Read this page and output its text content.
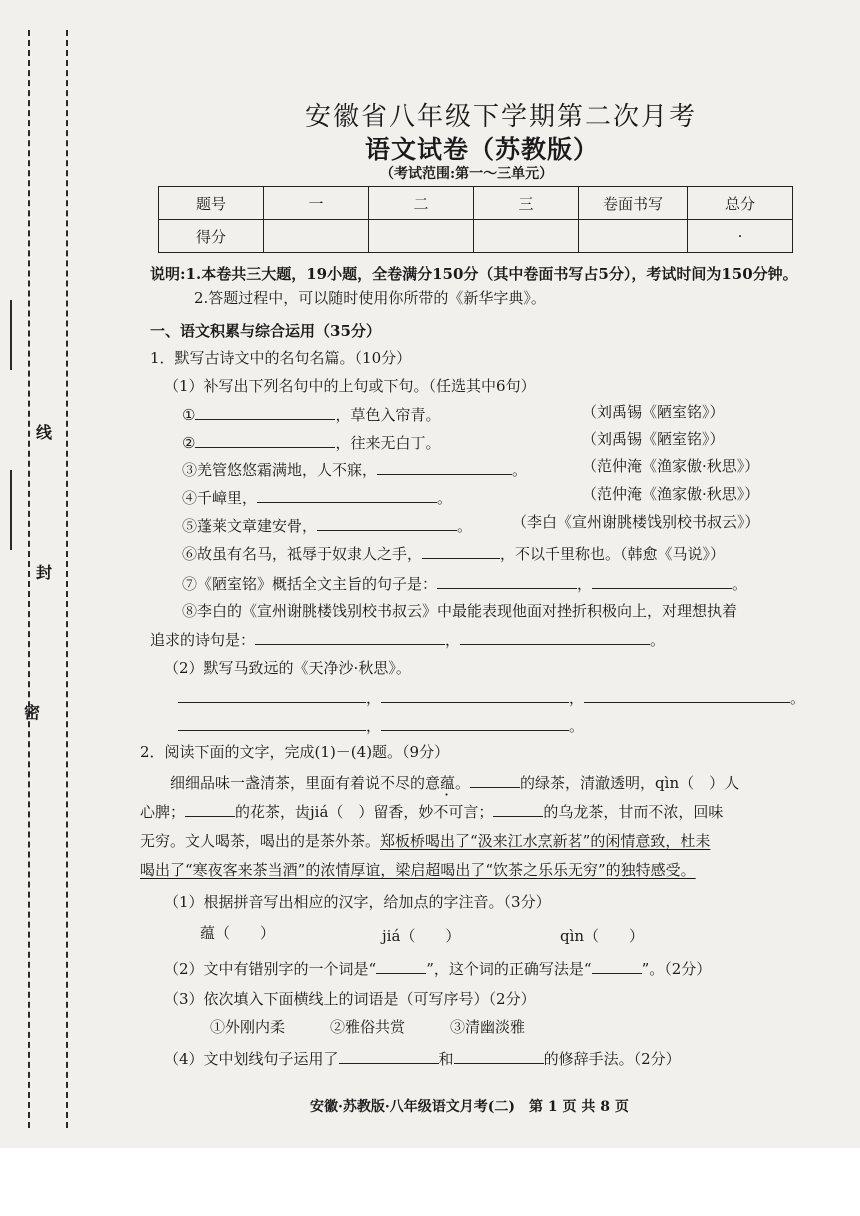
线
封
密
安徽省八年级下学期第二次月考
语文试卷（苏教版）
（考试范围:第一～三单元）
题号	一	二	三	卷面书写	总分
得分					·
说明:1.本卷共三大题，19小题，全卷满分150分（其中卷面书写占5分），考试时间为150分钟。
2.答题过程中，可以随时使用你所带的《新华字典》。
一、语文积累与综合运用（35分）
1．默写古诗文中的名句名篇。（10分）
（1）补写出下列名句中的上句或下句。（任选其中6句）
①	，草色入帘青。	（刘禹锡《陋室铭》）
②	，往来无白丁。	（刘禹锡《陋室铭》）
③羌管悠悠霜满地，人不寐，	。	（范仲淹《渔家傲·秋思》）
④千嶂里，	。	（范仲淹《渔家傲·秋思》）
⑤蓬莱文章建安骨，	。	（李白《宣州谢朓楼饯别校书叔云》）
⑥故虽有名马，祗辱于奴隶人之手，	，不以千里称也。（韩愈《马说》）
⑦《陋室铭》概括全文主旨的句子是：	，	。
⑧李白的《宣州谢朓楼饯别校书叔云》中最能表现他面对挫折积极向上，对理想执着
追求的诗句是：	，	。
（2）默写马致远的《天净沙·秋思》。
，	，	。
，	。
2．阅读下面的文字，完成(1)－(4)题。（9分）
细细品味一盏清茶，里面有着说不尽的意蕴。	的绿茶，清澈透明，qìn（　）人
心脾；	的花茶，齿jiá（　）留香，妙不可言；	的乌龙茶，甘而不浓，回味
无穷。文人喝茶，喝出的是茶外茶。郑板桥喝出了“汲来江水烹新茗”的闲情意致，杜耒
喝出了“寒夜客来茶当酒”的浓情厚谊，梁启超喝出了“饮茶之乐乐无穷”的独特感受。
（1）根据拼音写出相应的汉字，给加点的字注音。（3分）
蕴（　　）	jiá（　　）	qìn（　　）
（2）文中有错别字的一个词是“	”，这个词的正确写法是“	”。（2分）
（3）依次填入下面横线上的词语是（可写序号）（2分）
①外刚内柔	②雅俗共赏	③清幽淡雅
（4）文中划线句子运用了	和	的修辞手法。（2分）
安徽·苏教版·八年级语文月考(二)　第 1 页 共 8 页
